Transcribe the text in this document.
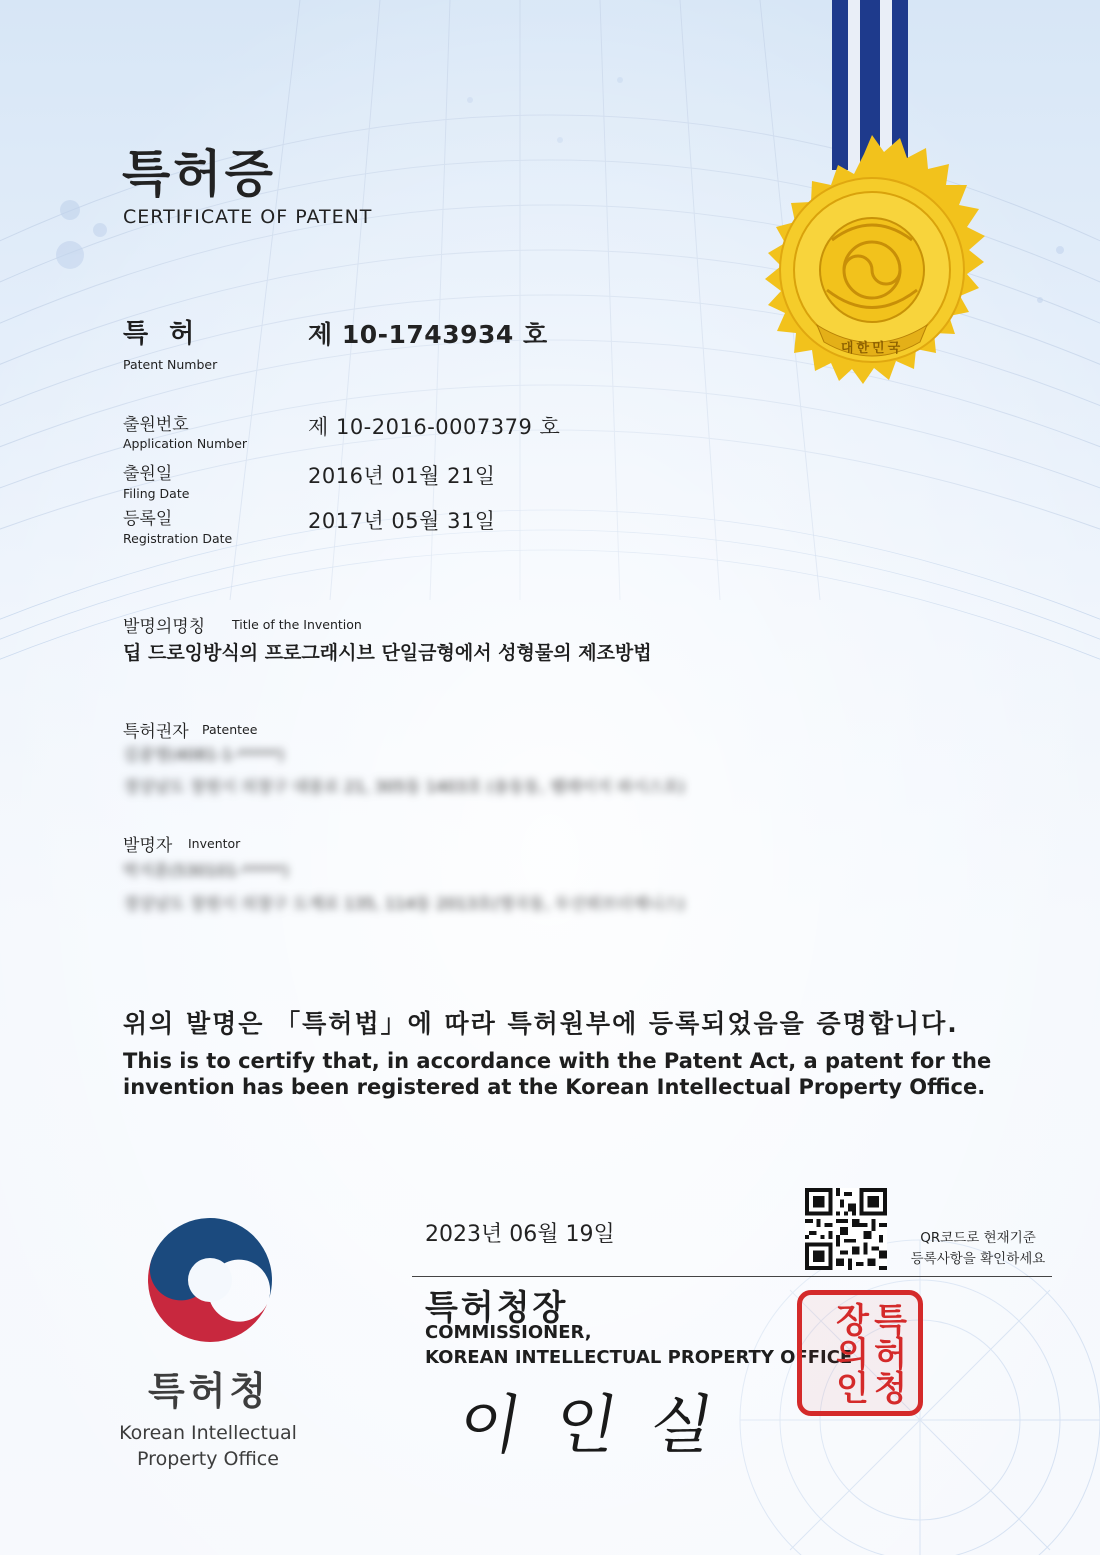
대한민국
특허증
CERTIFICATE OF PATENT
특 허
Patent Number
제 10-1743934 호
출원번호
Application Number
제 10-2016-0007379 호
출원일
Filing Date
2016년 01월 21일
등록일
Registration Date
2017년 05월 31일
발명의명칭 Title of the Invention
딥 드로잉방식의 프로그래시브 단일금형에서 성형물의 제조방법
특허권자 Patentee
김종명(4081-1-*****)
경상남도 창원시 의창구 대룡로 21, 305동 1403호 (용동동, 팰레이지 파시스포)
발명자 Inventor
박지훈(530101-*****)
경상남도 창원시 의창구 도계로 135, 114동 2013호(명곡동, 두산위브더제니스)
위의 발명은 「특허법」에 따라 특허원부에 등록되었음을 증명합니다.
This is to certify that, in accordance with the Patent Act, a patent for the invention has been registered at the Korean Intellectual Property Office.
특허청
Korean Intellectual
Property Office
2023년 06월 19일	QR코드로 현재기준
등록사항을 확인하세요
특허청장
COMMISSIONER,
KOREAN INTELLECTUAL PROPERTY OFFICE
이인실
특허청장의인
